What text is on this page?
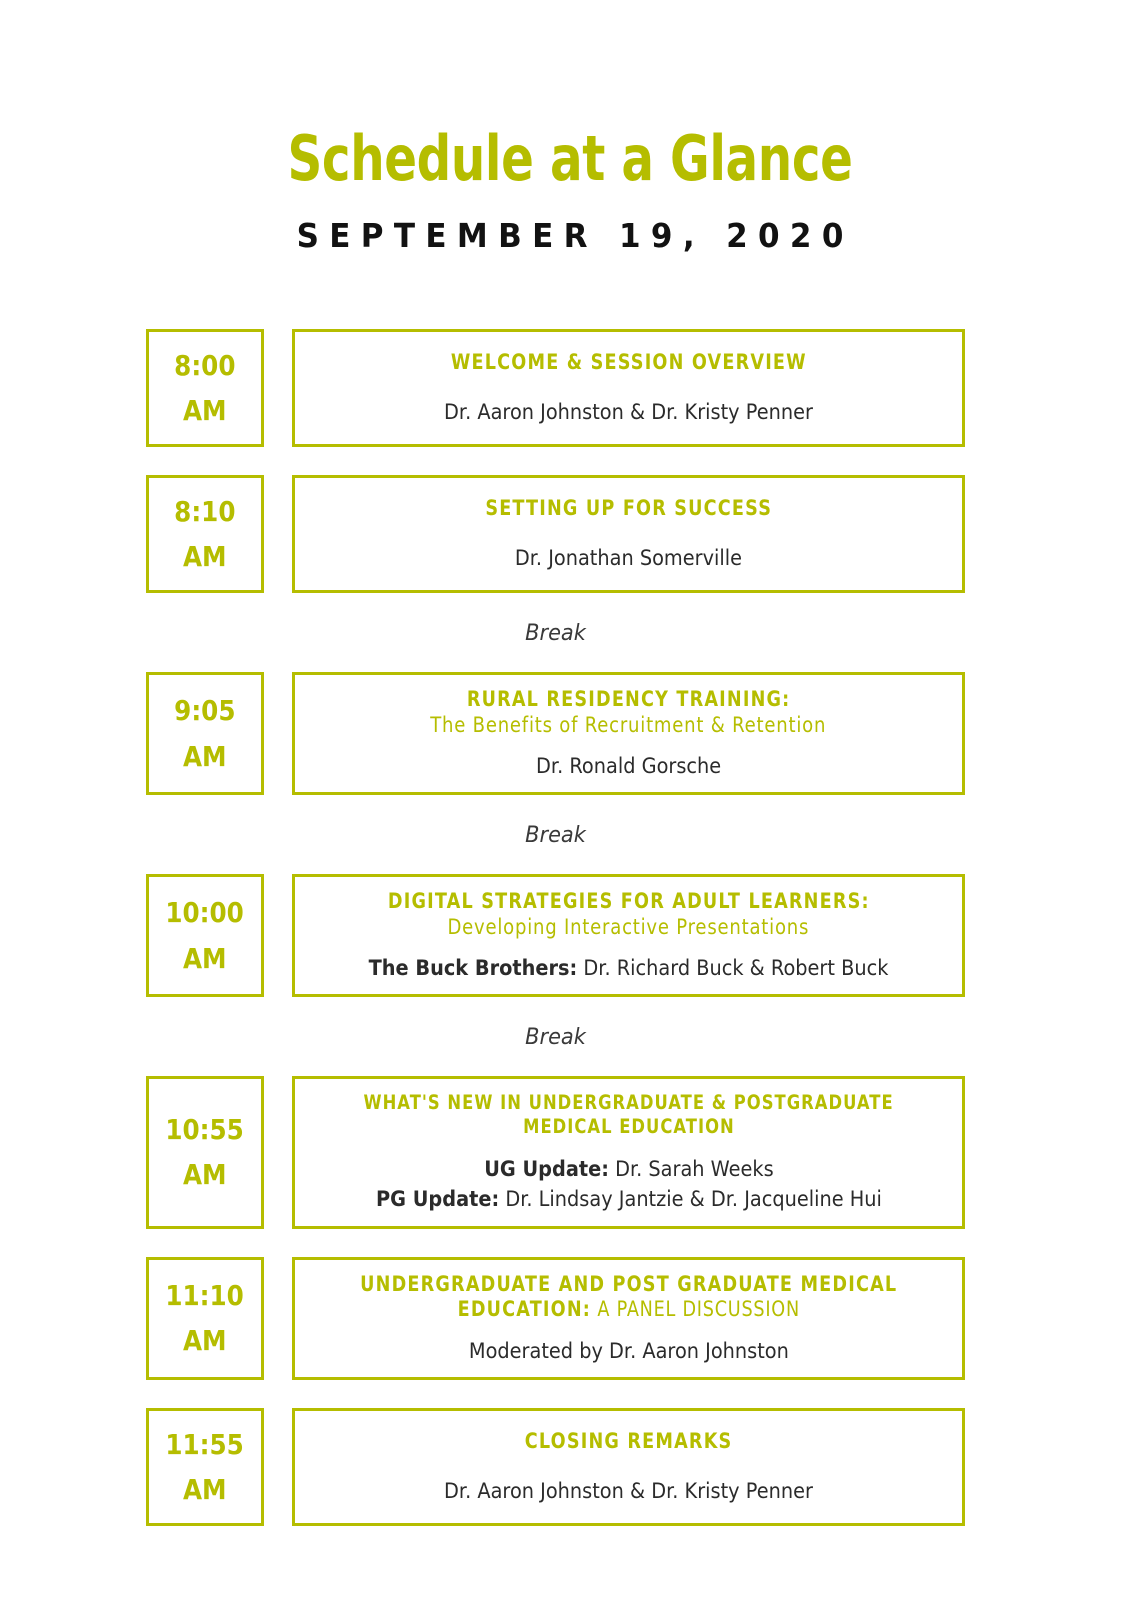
Schedule at a Glance
SEPTEMBER 19, 2020
8:00
AM
WELCOME & SESSION OVERVIEW
Dr. Aaron Johnston & Dr. Kristy Penner
8:10
AM
SETTING UP FOR SUCCESS
Dr. Jonathan Somerville
Break
9:05
AM
RURAL RESIDENCY TRAINING:
The Benefits of Recruitment & Retention
Dr. Ronald Gorsche
Break
10:00
AM
DIGITAL STRATEGIES FOR ADULT LEARNERS:
Developing Interactive Presentations
The Buck Brothers: Dr. Richard Buck & Robert Buck
Break
10:55
AM
WHAT'S NEW IN UNDERGRADUATE & POSTGRADUATE
MEDICAL EDUCATION
UG Update: Dr. Sarah Weeks
PG Update: Dr. Lindsay Jantzie & Dr. Jacqueline Hui
11:10
AM
UNDERGRADUATE AND POST GRADUATE MEDICAL
EDUCATION: A PANEL DISCUSSION
Moderated by Dr. Aaron Johnston
11:55
AM
CLOSING REMARKS
Dr. Aaron Johnston & Dr. Kristy Penner
